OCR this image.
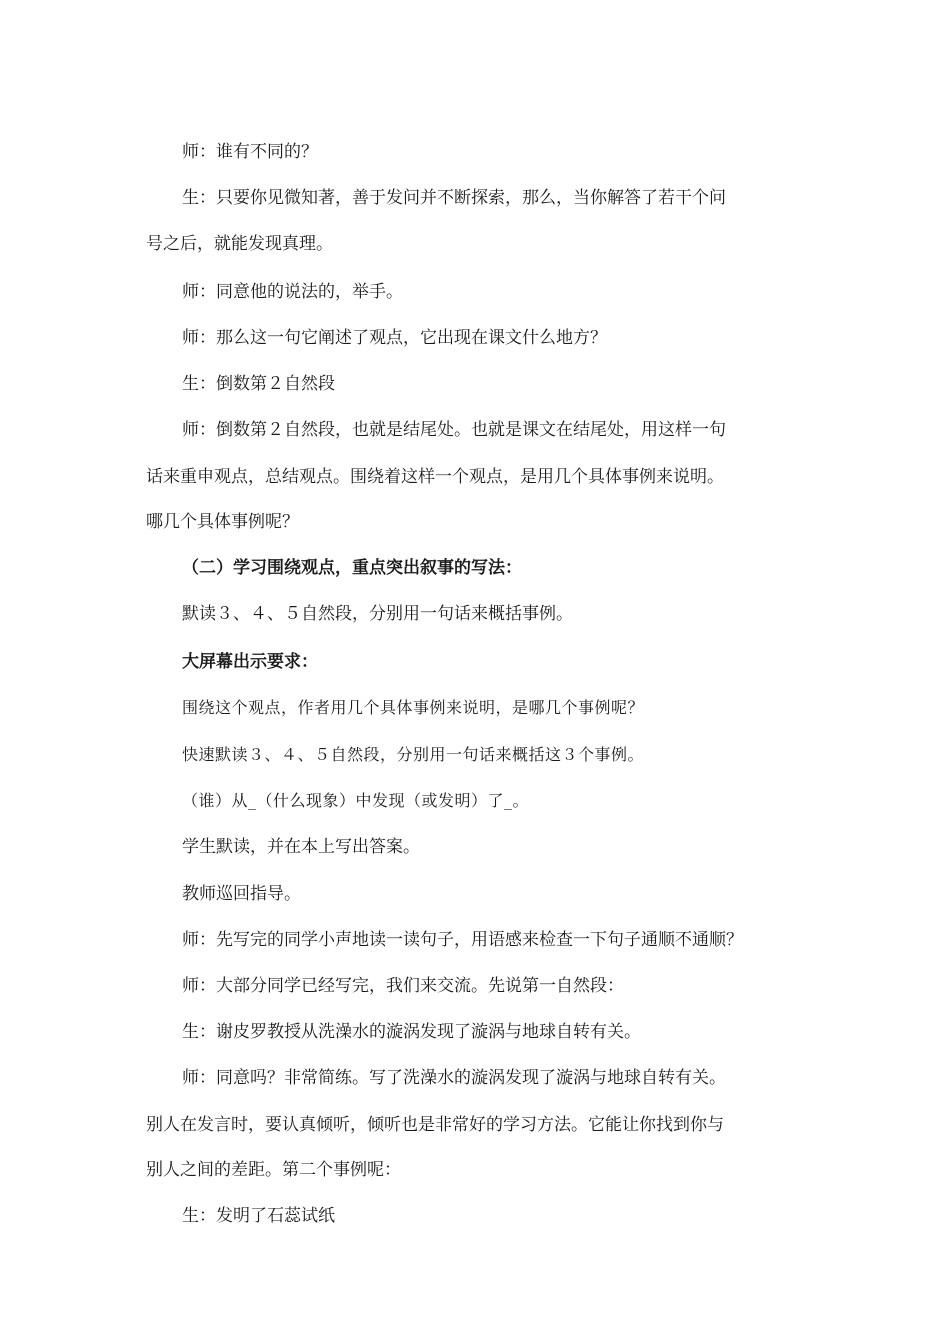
师：谁有不同的？

生：只要你见微知著，善于发问并不断探索，那么，当你解答了若干个问

号之后，就能发现真理。

师：同意他的说法的，举手。

师：那么这一句它阐述了观点，它出现在课文什么地方？

生：倒数第２自然段

师：倒数第２自然段，也就是结尾处。也就是课文在结尾处，用这样一句

话来重申观点，总结观点。围绕着这样一个观点，是用几个具体事例来说明。

哪几个具体事例呢？

（二）学习围绕观点，重点突出叙事的写法：

默读３、４、５自然段，分别用一句话来概括事例。

大屏幕出示要求：

围绕这个观点，作者用几个具体事例来说明，是哪几个事例呢？

快速默读３、４、５自然段，分别用一句话来概括这３个事例。

（谁）从_（什么现象）中发现（或发明）了_。

学生默读，并在本上写出答案。

教师巡回指导。

师：先写完的同学小声地读一读句子，用语感来检查一下句子通顺不通顺？

师：大部分同学已经写完，我们来交流。先说第一自然段：

生：谢皮罗教授从洗澡水的漩涡发现了漩涡与地球自转有关。

师：同意吗？非常简练。写了洗澡水的漩涡发现了漩涡与地球自转有关。

别人在发言时，要认真倾听，倾听也是非常好的学习方法。它能让你找到你与

别人之间的差距。第二个事例呢：

生：发明了石蕊试纸
